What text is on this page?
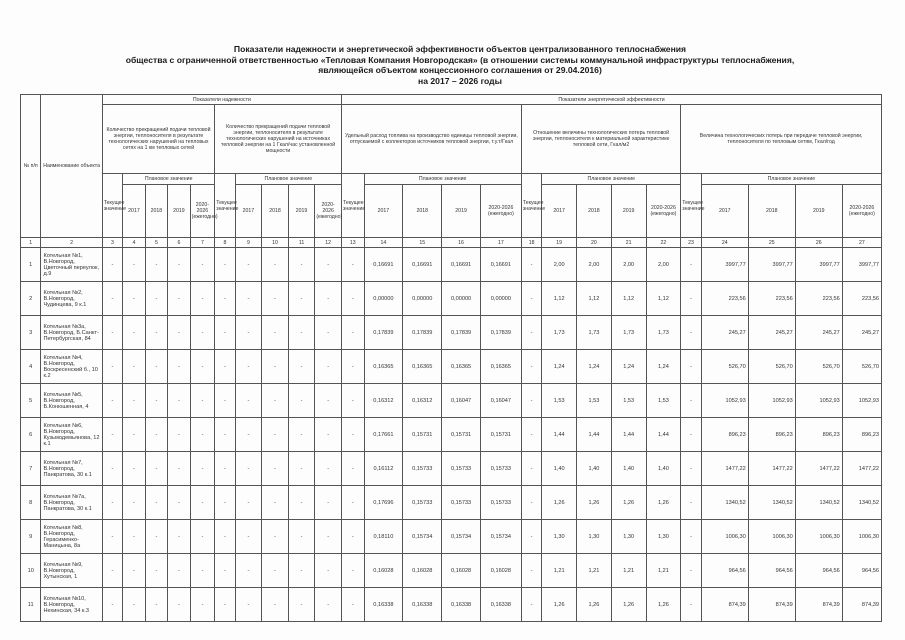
Показатели надежности и энергетической эффективности объектов централизованного теплоснабжения
общества с ограниченной ответственностью «Тепловая Компания Новгородская» (в отношении системы коммунальной инфраструктуры теплоснабжения,
являющейся объектом концессионного соглашения от 29.04.2016)
на 2017 – 2026 годы
№ п/п	Наименование объекта	Показатели надежности										Показатели энергетической эффективности														
		Количество прекращений подачи тепловой энергии, теплоносителя в результате технологических нарушений на тепловых сетях на 1 км тепловых сетей					Количество прекращений подачи тепловой энергии, теплоносителя в результате технологических нарушений на источниках тепловой энергии на 1 Гкал/час установленной мощности					Удельный расход топлива на производство единицы тепловой энергии, отпускаемой с коллекторов источников тепловой энергии, т.у.т/Гкал					Отношение величины технологических потерь тепловой энергии, теплоносителя к материальной характеристике тепловой сети, Гкал/м2					Величина технологических потерь при передаче тепловой энергии, теплоносителя по тепловым сетям, Гкал/год				
		Текущее значение	Плановое значение				Текущее значение	Плановое значение				Текущее значение	Плановое значение				Текущее значение	Плановое значение				Текущее значение	Плановое значение			
			2017	2018	2019	2020-2026 (ежегодно)		2017	2018	2019	2020-2026 (ежегодно)		2017	2018	2019	2020-2026 (ежегодно)		2017	2018	2019	2020-2026 (ежегодно)		2017	2018	2019	2020-2026 (ежегодно)
1	2	3	4	5	6	7	8	9	10	11	12	13	14	15	16	17	18	19	20	21	22	23	24	25	26	27
1	Котельная №1, В.Новгород, Цветочный переулок, д.9	-	-	-	-	-	-	-	-	-	-	-	0,16691	0,16691	0,16691	0,16691	-	2,00	2,00	2,00	2,00	-	3997,77	3997,77	3997,77	3997,77
2	Котельная №2, В.Новгород, Чудинцева, 9 к.1	-	-	-	-	-	-	-	-	-	-	-	0,00000	0,00000	0,00000	0,00000	-	1,12	1,12	1,12	1,12	-	223,56	223,56	223,56	223,56
3	Котельная №3а, В.Новгород, Б.Санкт-Петербургская, 84	-	-	-	-	-	-	-	-	-	-	-	0,17839	0,17839	0,17839	0,17839	-	1,73	1,73	1,73	1,73	-	245,27	245,27	245,27	245,27
4	Котельная №4, В.Новгород, Воскресенский б., 10 к.2	-	-	-	-	-	-	-	-	-	-	-	0,16365	0,16365	0,16365	0,16365	-	1,24	1,24	1,24	1,24	-	526,70	526,70	526,70	526,70
5	Котельная №5, В.Новгород, Б.Конюшенная, 4	-	-	-	-	-	-	-	-	-	-	-	0,16312	0,16312	0,16047	0,16047	-	1,53	1,53	1,53	1,53	-	1052,93	1052,93	1052,93	1052,93
6	Котельная №6, В.Новгород, Кузьмодемьянова, 12 к.1	-	-	-	-	-	-	-	-	-	-	-	0,17661	0,15731	0,15731	0,15731	-	1,44	1,44	1,44	1,44	-	896,23	896,23	896,23	896,23
7	Котельная №7, В.Новгород, Панкратова, 30 к.1	-	-	-	-	-	-	-	-	-	-	-	0,16112	0,15733	0,15733	0,15733	-	1,40	1,40	1,40	1,40	-	1477,22	1477,22	1477,22	1477,22
8	Котельная №7а, В.Новгород, Панкратова, 30 к.1	-	-	-	-	-	-	-	-	-	-	-	0,17696	0,15733	0,15733	0,15733	-	1,26	1,26	1,26	1,26	-	1340,52	1340,52	1340,52	1340,52
9	Котельная №8, В.Новгород, Герасименко-Маницына, 8а	-	-	-	-	-	-	-	-	-	-	-	0,18110	0,15734	0,15734	0,15734	-	1,30	1,30	1,30	1,30	-	1006,30	1006,30	1006,30	1006,30
10	Котельная №9, В.Новгород, Хутынская, 1	-	-	-	-	-	-	-	-	-	-	-	0,16028	0,16028	0,16028	0,16028	-	1,21	1,21	1,21	1,21	-	964,56	964,56	964,56	964,56
11	Котельная №10, В.Новгород, Нехинская, 34 к.3	-	-	-	-	-	-	-	-	-	-	-	0,16338	0,16338	0,16338	0,16338	-	1,26	1,26	1,26	1,26	-	874,39	874,39	874,39	874,39
